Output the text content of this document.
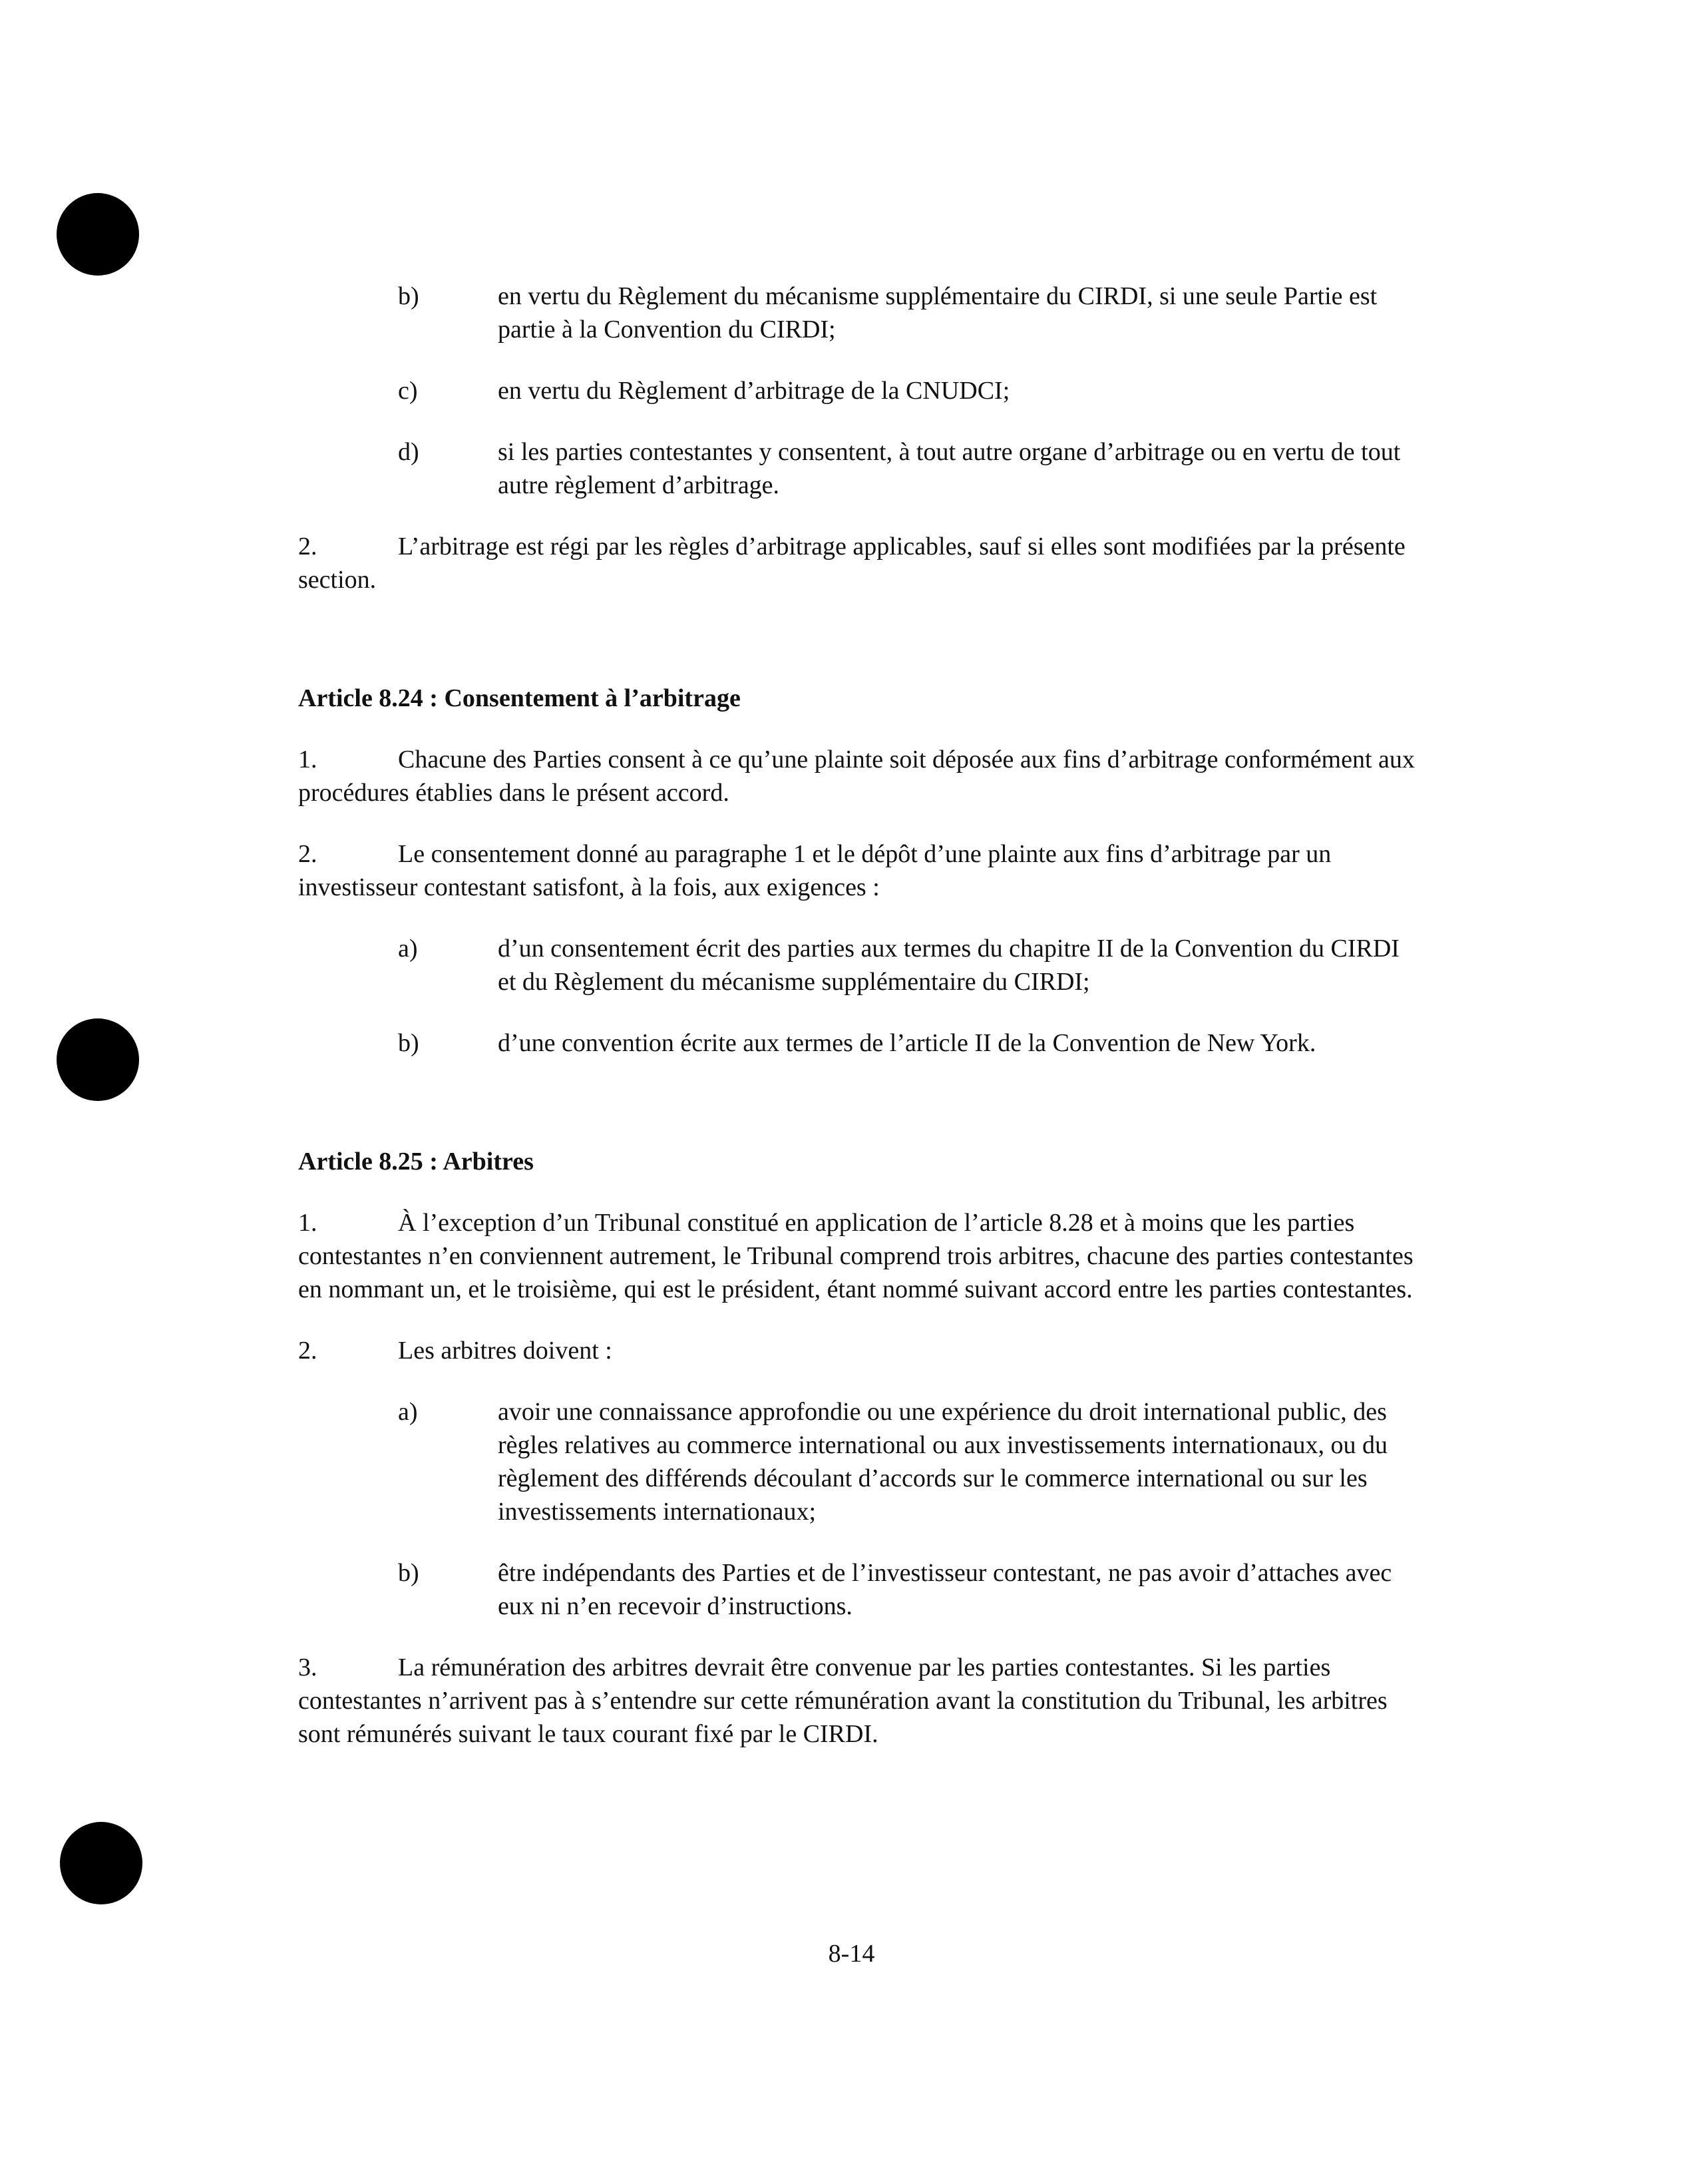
b)	en vertu du Règlement du mécanisme supplémentaire du CIRDI, si une seule Partie est partie à la Convention du CIRDI;
c)	en vertu du Règlement d’arbitrage de la CNUDCI;
d)	si les parties contestantes y consentent, à tout autre organe d’arbitrage ou en vertu de tout autre règlement d’arbitrage.

2.	L’arbitrage est régi par les règles d’arbitrage applicables, sauf si elles sont modifiées par la présente section.

Article 8.24 : Consentement à l’arbitrage

1.	Chacune des Parties consent à ce qu’une plainte soit déposée aux fins d’arbitrage conformément aux procédures établies dans le présent accord.

2.	Le consentement donné au paragraphe 1 et le dépôt d’une plainte aux fins d’arbitrage par un investisseur contestant satisfont, à la fois, aux exigences :

a)	d’un consentement écrit des parties aux termes du chapitre II de la Convention du CIRDI et du Règlement du mécanisme supplémentaire du CIRDI;
b)	d’une convention écrite aux termes de l’article II de la Convention de New York.

Article 8.25 : Arbitres

1.	À l’exception d’un Tribunal constitué en application de l’article 8.28 et à moins que les parties contestantes n’en conviennent autrement, le Tribunal comprend trois arbitres, chacune des parties contestantes en nommant un, et le troisième, qui est le président, étant nommé suivant accord entre les parties contestantes.

2.	Les arbitres doivent :

a)	avoir une connaissance approfondie ou une expérience du droit international public, des règles relatives au commerce international ou aux investissements internationaux, ou du règlement des différends découlant d’accords sur le commerce international ou sur les investissements internationaux;
b)	être indépendants des Parties et de l’investisseur contestant, ne pas avoir d’attaches avec eux ni n’en recevoir d’instructions.

3.	La rémunération des arbitres devrait être convenue par les parties contestantes. Si les parties contestantes n’arrivent pas à s’entendre sur cette rémunération avant la constitution du Tribunal, les arbitres sont rémunérés suivant le taux courant fixé par le CIRDI.

8-14
